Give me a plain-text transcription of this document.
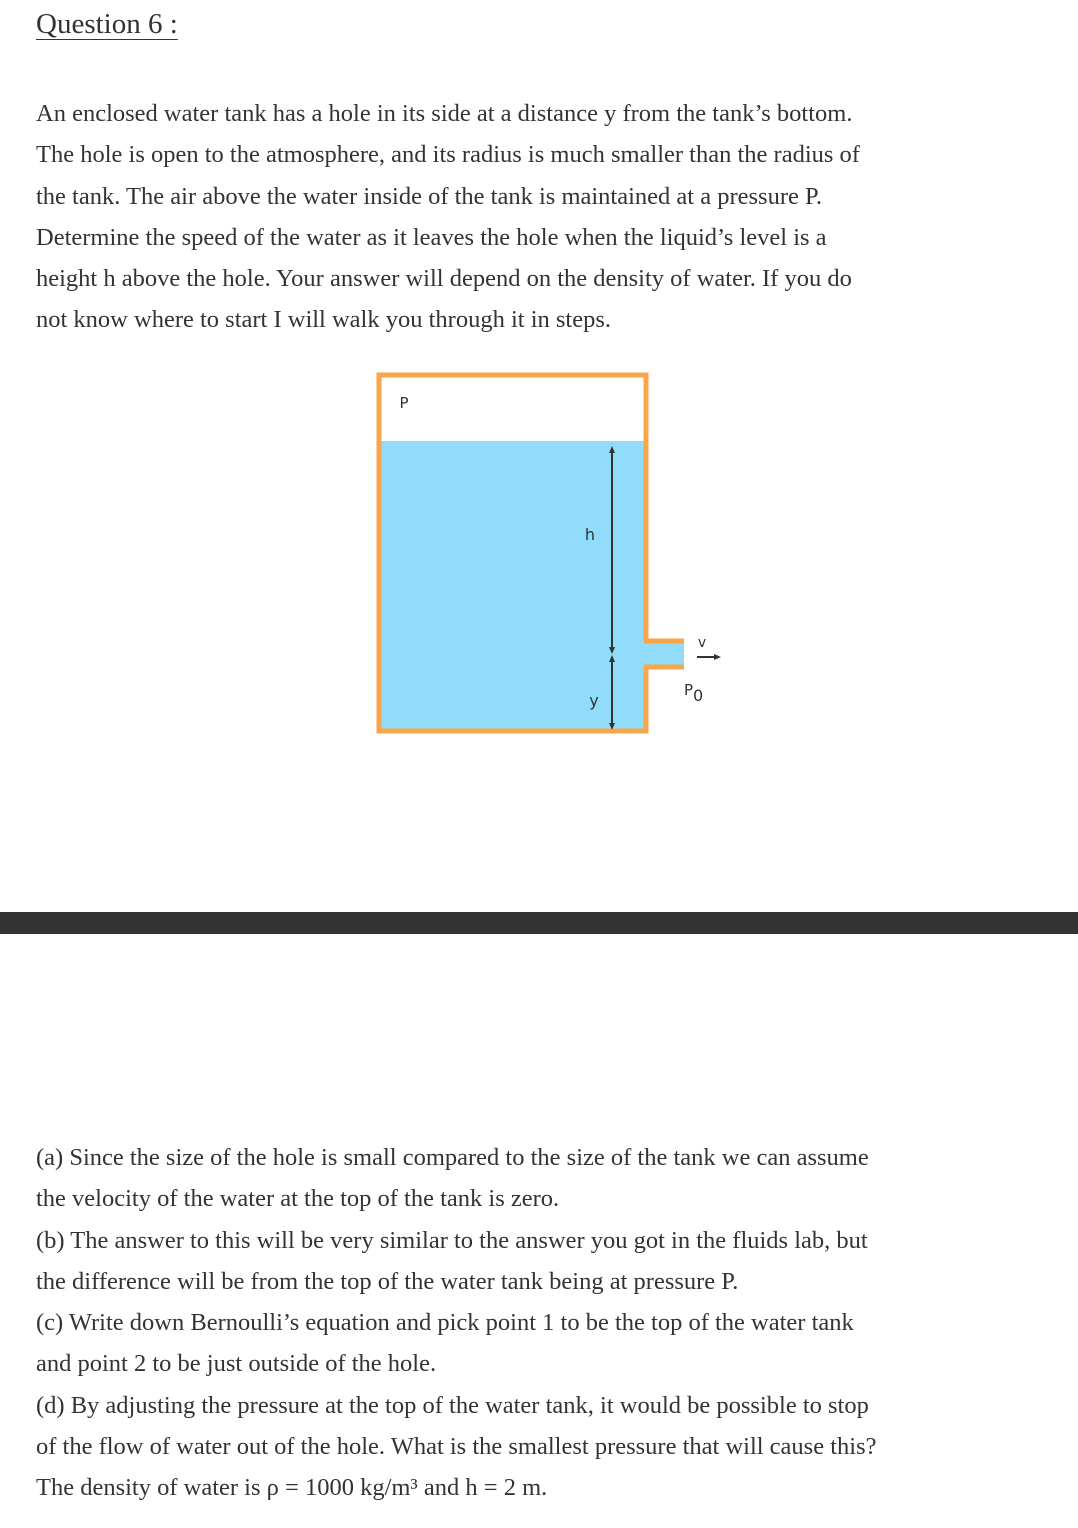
Question 6 :
An enclosed water tank has a hole in its side at a distance y from the tank’s bottom.
The hole is open to the atmosphere, and its radius is much smaller than the radius of
the tank. The air above the water inside of the tank is maintained at a pressure P.
Determine the speed of the water as it leaves the hole when the liquid’s level is a
height h above the hole. Your answer will depend on the density of water. If you do
not know where to start I will walk you through it in steps.
P
h
y
v
P0
(a) Since the size of the hole is small compared to the size of the tank we can assume
the velocity of the water at the top of the tank is zero.
(b) The answer to this will be very similar to the answer you got in the fluids lab, but
the difference will be from the top of the water tank being at pressure P.
(c) Write down Bernoulli’s equation and pick point 1 to be the top of the water tank
and point 2 to be just outside of the hole.
(d) By adjusting the pressure at the top of the water tank, it would be possible to stop
of the flow of water out of the hole. What is the smallest pressure that will cause this?
The density of water is ρ = 1000 kg/m³ and h = 2 m.
